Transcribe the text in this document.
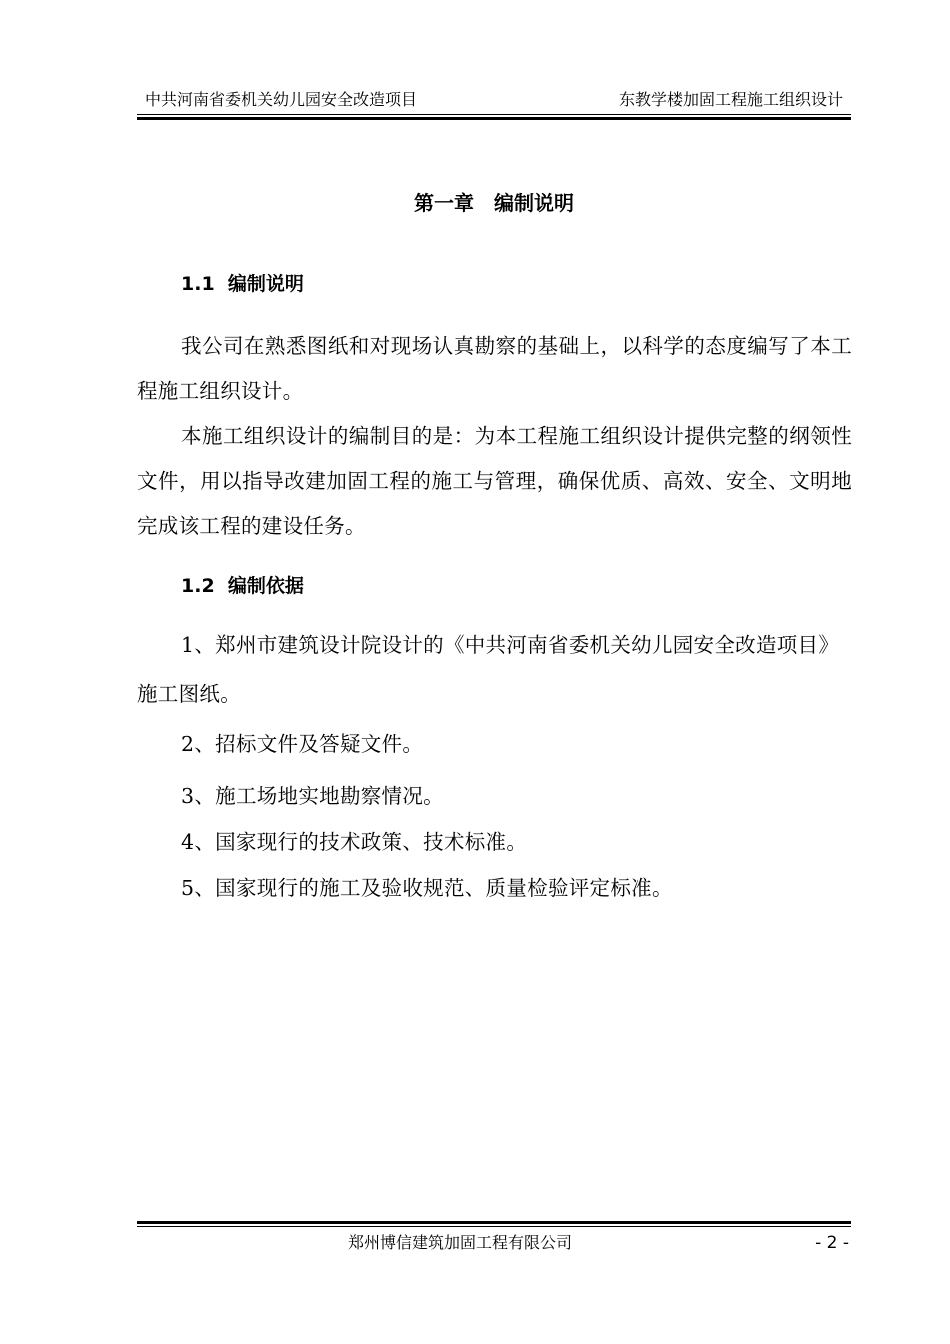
中共河南省委机关幼儿园安全改造项目	东教学楼加固工程施工组织设计
第一章　编制说明
1.1  编制说明
我公司在熟悉图纸和对现场认真勘察的基础上，以科学的态度编写了本工程施工组织设计。
本施工组织设计的编制目的是：为本工程施工组织设计提供完整的纲领性文件，用以指导改建加固工程的施工与管理，确保优质、高效、安全、文明地完成该工程的建设任务。
1.2  编制依据
1、郑州市建筑设计院设计的《中共河南省委机关幼儿园安全改造项目》施工图纸。
2、招标文件及答疑文件。
3、施工场地实地勘察情况。
4、国家现行的技术政策、技术标准。
5、国家现行的施工及验收规范、质量检验评定标准。
郑州博信建筑加固工程有限公司	- 2 -
